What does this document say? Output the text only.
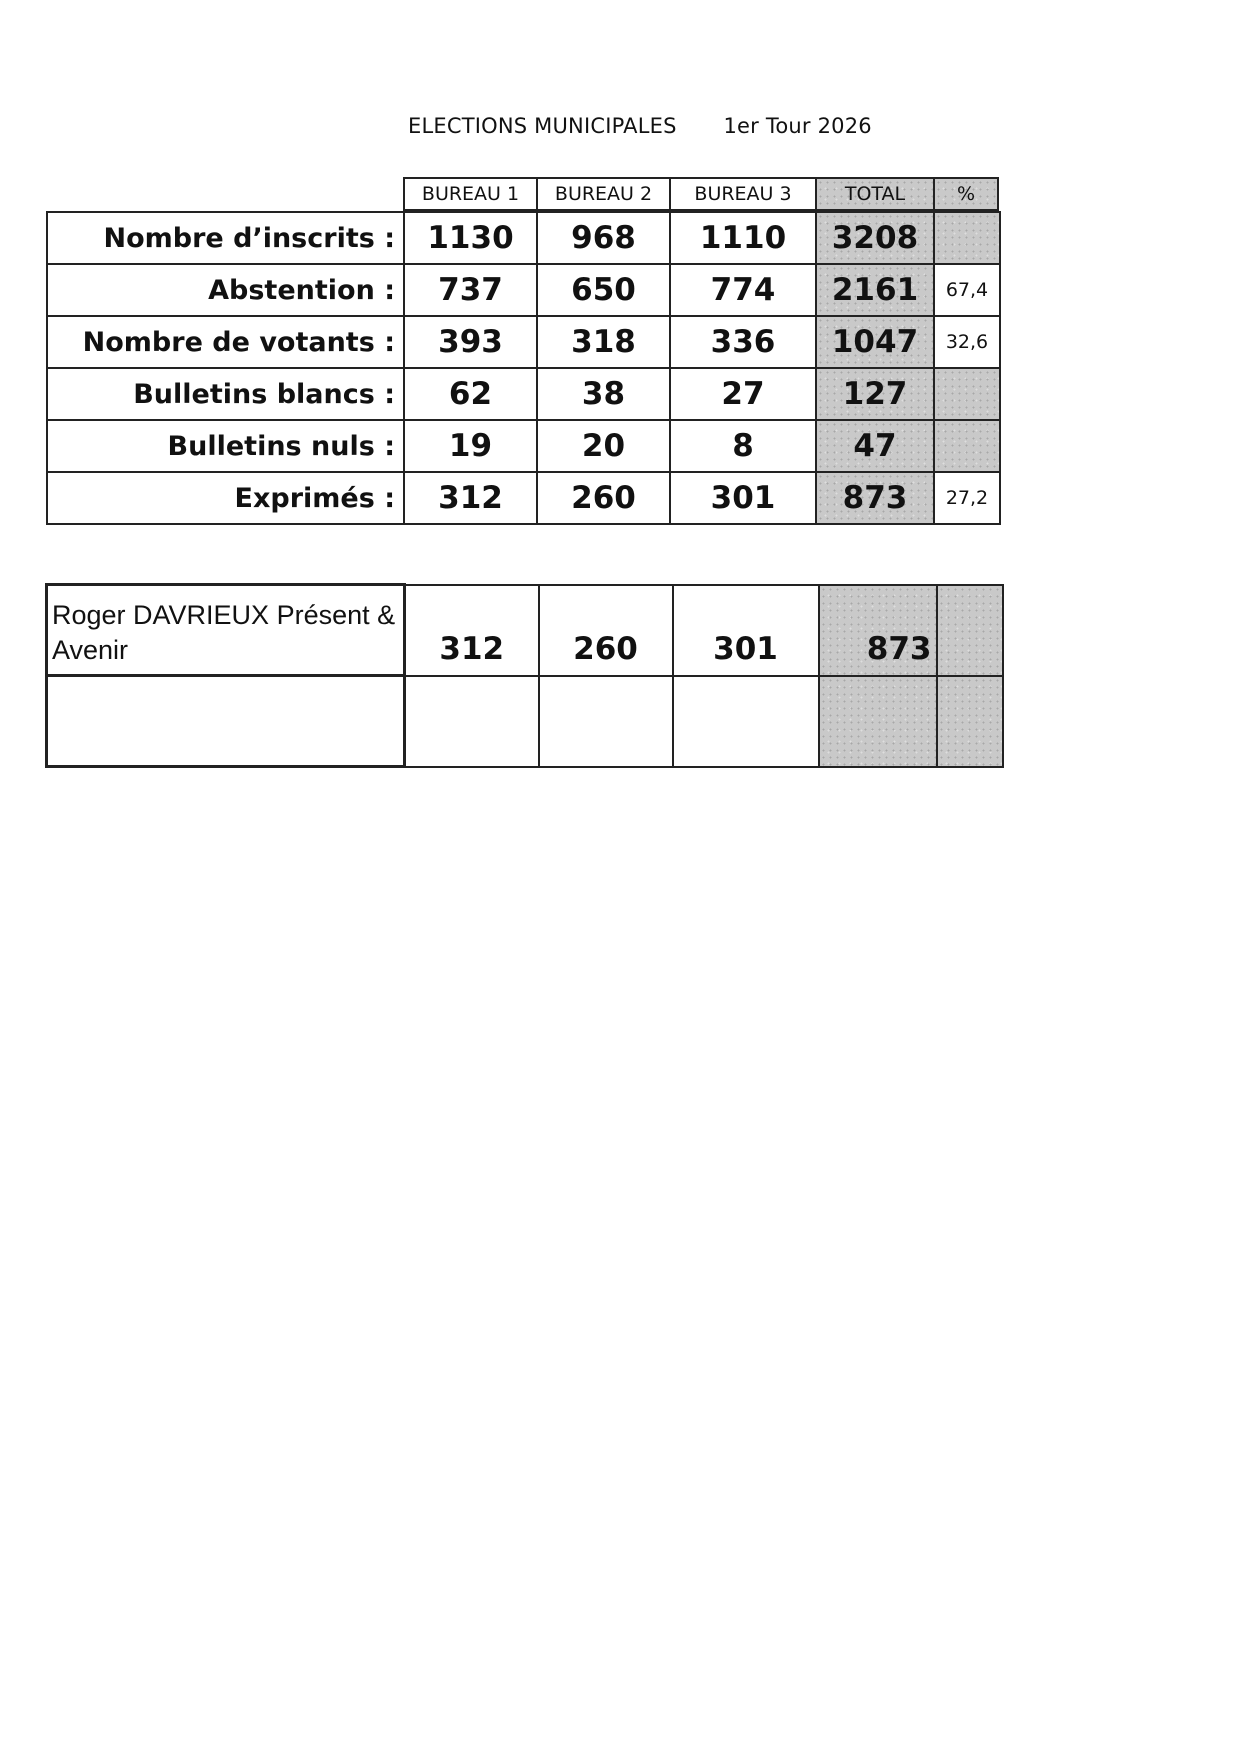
ELECTIONS MUNICIPALES 1er Tour 2026
BUREAU 1	BUREAU 2	BUREAU 3	TOTAL	%
Nombre d’inscrits :	1130	968	1110	3208	
Abstention :	737	650	774	2161	67,4
Nombre de votants :	393	318	336	1047	32,6
Bulletins blancs :	62	38	27	127	
Bulletins nuls :	19	20	8	47	
Exprimés :	312	260	301	873	27,2
Roger DAVRIEUX Présent & Avenir	312	260	301	873	
